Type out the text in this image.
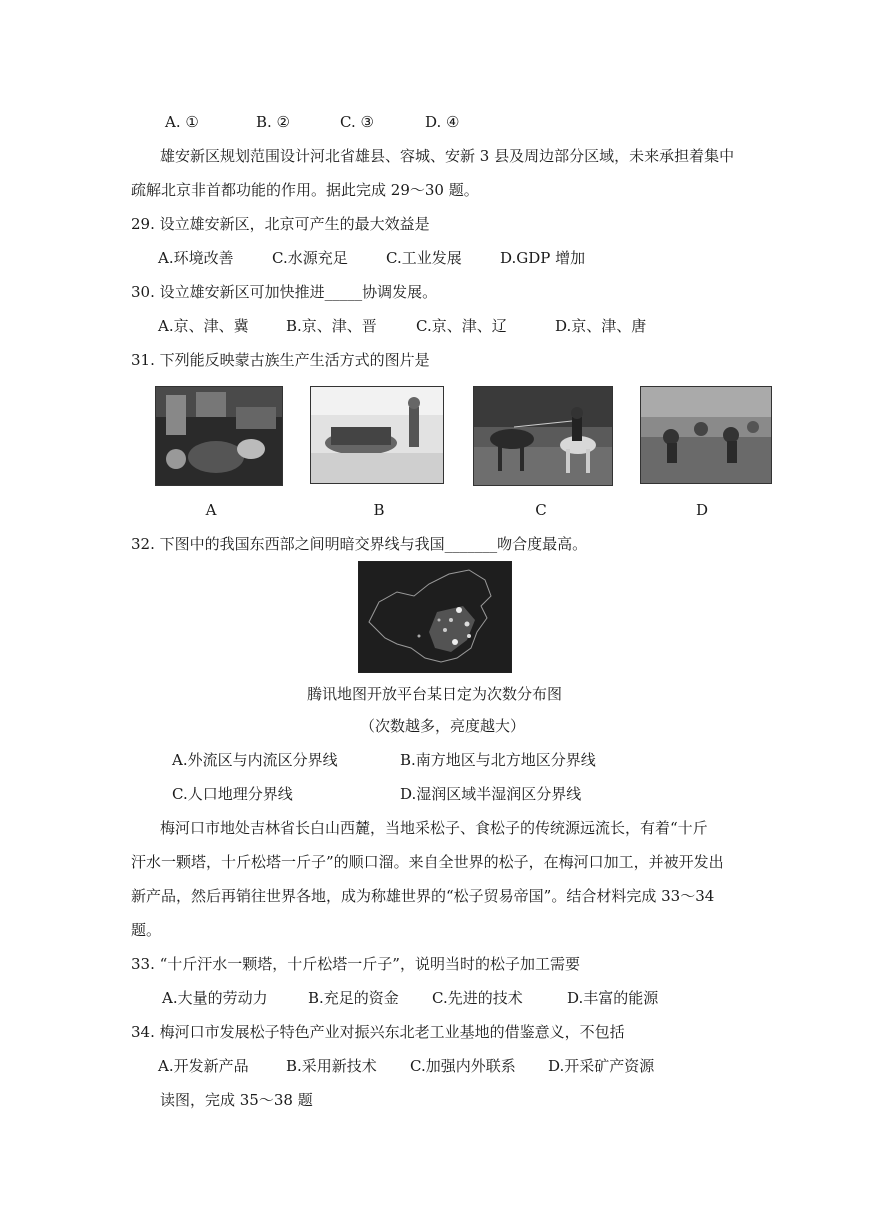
A. ①	B. ②	C. ③	D. ④
雄安新区规划范围设计河北省雄县、容城、安新 3 县及周边部分区域，未来承担着集中
疏解北京非首都功能的作用。据此完成 29～30 题。
29. 设立雄安新区，北京可产生的最大效益是
A.环境改善	C.水源充足	C.工业发展	D.GDP 增加
30. 设立雄安新区可加快推进_____协调发展。
A.京、津、冀 B.京、津、晋	C.京、津、辽	D.京、津、唐
31. 下列能反映蒙古族生产生活方式的图片是
A	B	C	D
32. 下图中的我国东西部之间明暗交界线与我国_______吻合度最高。
腾讯地图开放平台某日定为次数分布图
（次数越多，亮度越大）
A.外流区与内流区分界线	B.南方地区与北方地区分界线
C.人口地理分界线	D.湿润区域半湿润区分界线
梅河口市地处吉林省长白山西麓，当地采松子、食松子的传统源远流长，有着“十斤
汗水一颗塔，十斤松塔一斤子”的顺口溜。来自全世界的松子，在梅河口加工，并被开发出
新产品，然后再销往世界各地，成为称雄世界的“松子贸易帝国”。结合材料完成 33～34
题。
33. “十斤汗水一颗塔，十斤松塔一斤子”，说明当时的松子加工需要
A.大量的劳动力	B.充足的资金 C.先进的技术	D.丰富的能源
34. 梅河口市发展松子特色产业对振兴东北老工业基地的借鉴意义，不包括
A.开发新产品 B.采用新技术 C.加强内外联系 D.开采矿产资源
读图，完成 35～38 题
